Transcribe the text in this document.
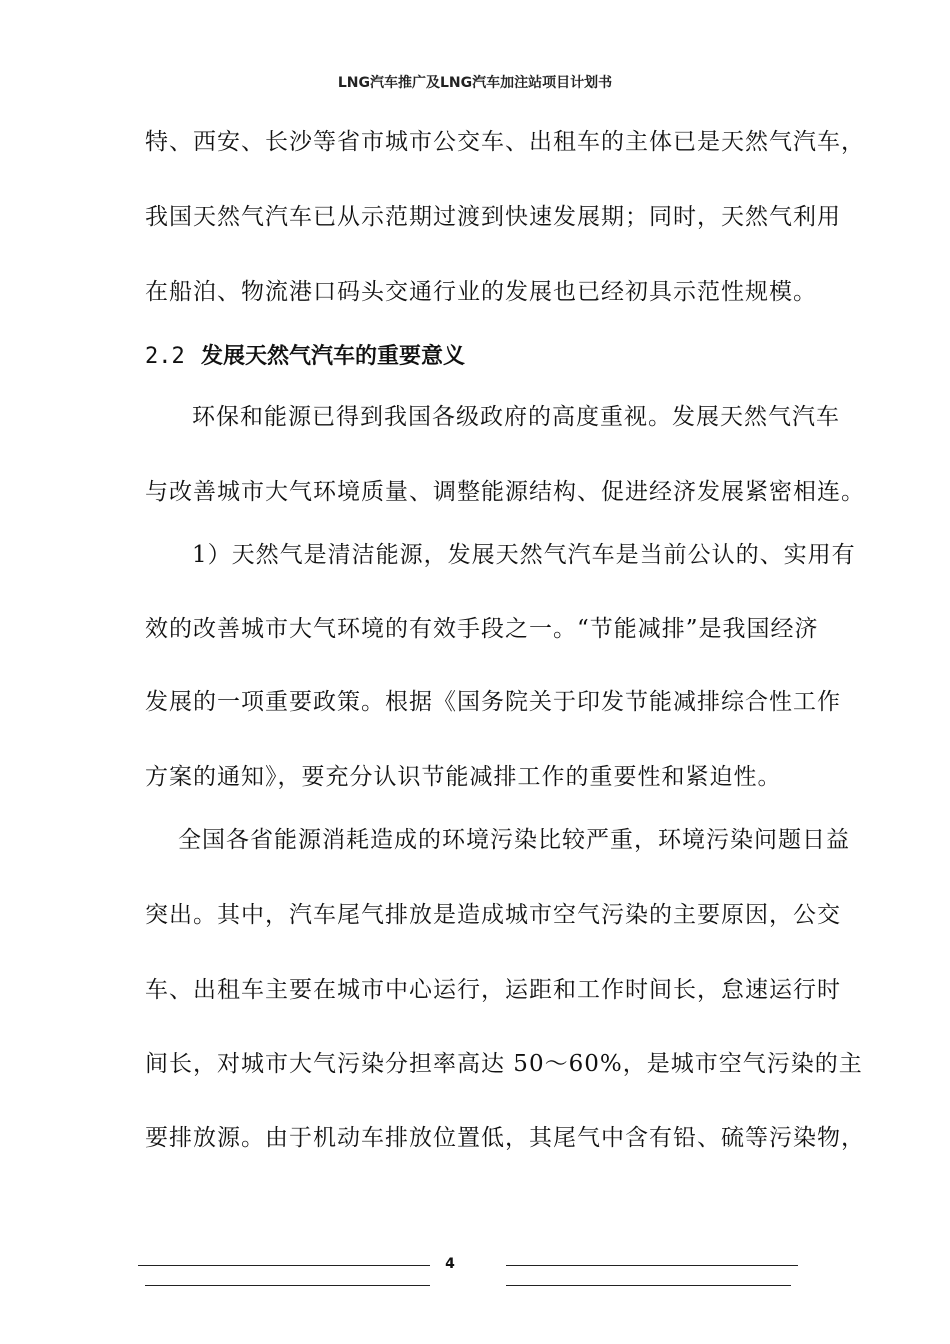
LNG汽车推广及LNG汽车加注站项目计划书
特、西安、长沙等省市城市公交车、出租车的主体已是天然气汽车，
我国天然气汽车已从示范期过渡到快速发展期；同时，天然气利用
在船泊、物流港口码头交通行业的发展也已经初具示范性规模。
2.2 发展天然气汽车的重要意义
环保和能源已得到我国各级政府的高度重视。发展天然气汽车
与改善城市大气环境质量、调整能源结构、促进经济发展紧密相连。
1）天然气是清洁能源，发展天然气汽车是当前公认的、实用有
效的改善城市大气环境的有效手段之一。“节能减排”是我国经济
发展的一项重要政策。根据《国务院关于印发节能减排综合性工作
方案的通知》，要充分认识节能减排工作的重要性和紧迫性。
全国各省能源消耗造成的环境污染比较严重，环境污染问题日益
突出。其中，汽车尾气排放是造成城市空气污染的主要原因，公交
车、出租车主要在城市中心运行，运距和工作时间长，怠速运行时
间长，对城市大气污染分担率高达 50～60%，是城市空气污染的主
要排放源。由于机动车排放位置低，其尾气中含有铅、硫等污染物，
4
